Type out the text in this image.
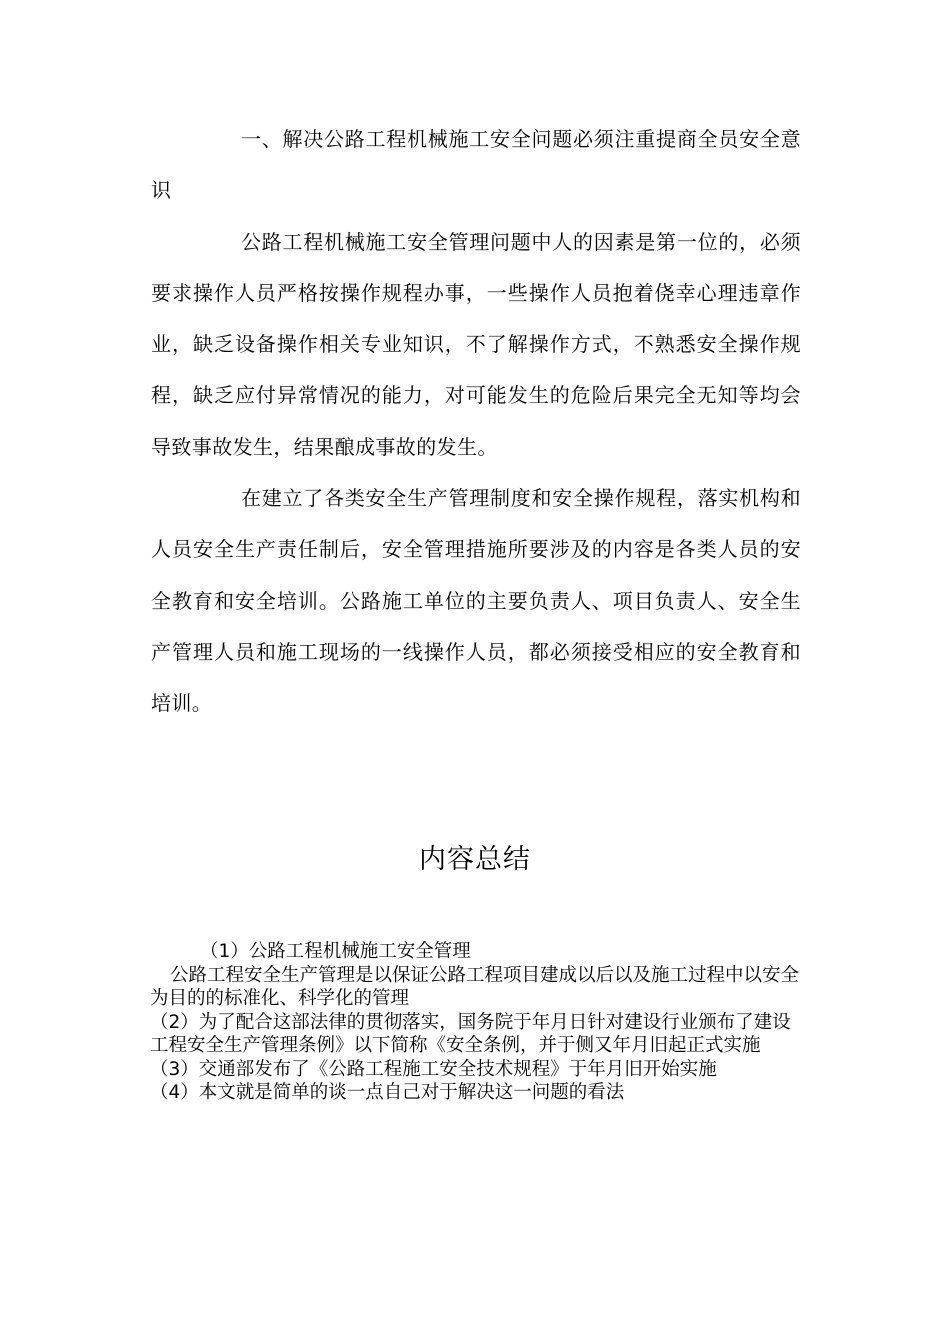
一、解决公路工程机械施工安全问题必须注重提商全员安全意识

公路工程机械施工安全管理问题中人的因素是第一位的，必须要求操作人员严格按操作规程办事，一些操作人员抱着侥幸心理违章作业，缺乏设备操作相关专业知识，不了解操作方式，不熟悉安全操作规程，缺乏应付异常情况的能力，对可能发生的危险后果完全无知等均会导致事故发生，结果酿成事故的发生。

在建立了各类安全生产管理制度和安全操作规程，落实机构和人员安全生产责任制后，安全管理措施所要涉及的内容是各类人员的安全教育和安全培训。公路施工单位的主要负责人、项目负责人、安全生产管理人员和施工现场的一线操作人员，都必须接受相应的安全教育和培训。

内容总结

（1）公路工程机械施工安全管理

公路工程安全生产管理是以保证公路工程项目建成以后以及施工过程中以安全为目的的标准化、科学化的管理

（2）为了配合这部法律的贯彻落实，国务院于年月日针对建设行业颁布了建设工程安全生产管理条例》以下简称《安全条例，并于侧又年月旧起正式实施

（3）交通部发布了《公路工程施工安全技术规程》于年月旧开始实施

（4）本文就是简单的谈一点自己对于解决这一问题的看法
